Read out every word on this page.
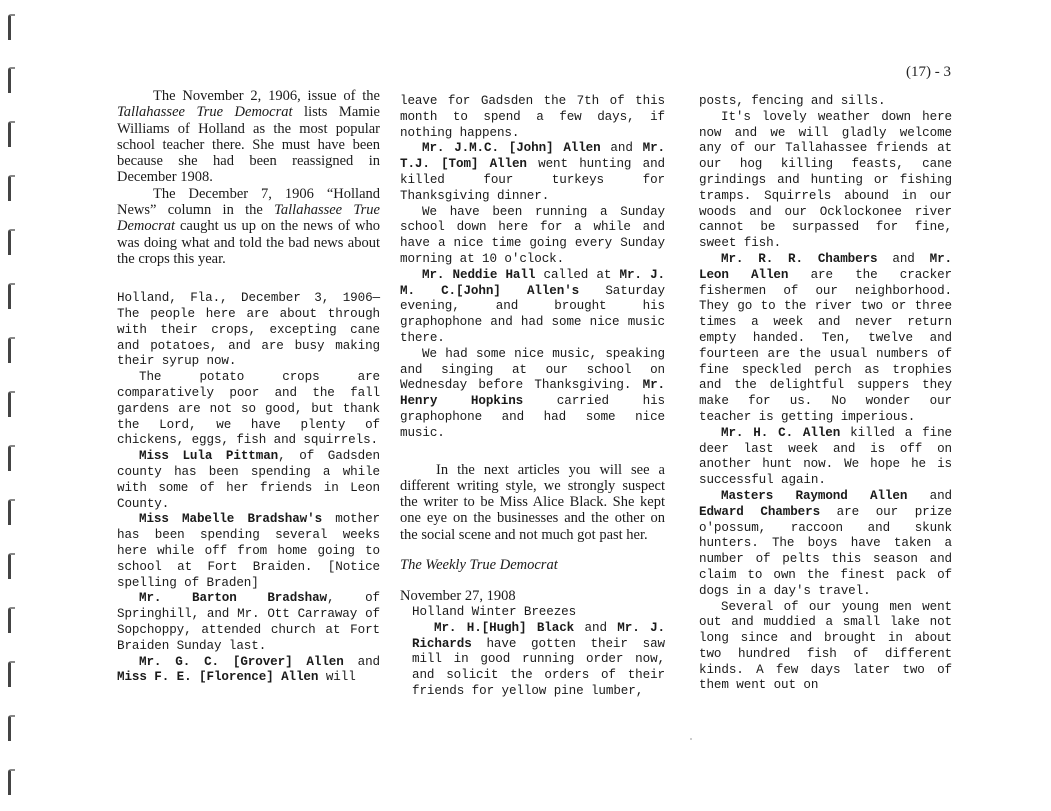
(17) - 3
The November 2, 1906, issue of the Tallahassee True Democrat lists Mamie Williams of Holland as the most popular school teacher there. She must have been because she had been reassigned in December 1908.
The December 7, 1906 “Holland News” column in the Tallahassee True Democrat caught us up on the news of who was doing what and told the bad news about the crops this year.

Holland, Fla., December 3, 1906— The people here are about through with their crops, excepting cane and potatoes, and are busy making their syrup now.

The potato crops are comparatively poor and the fall gardens are not so good, but thank the Lord, we have plenty of chickens, eggs, fish and squirrels.

Miss Lula Pittman, of Gadsden county has been spending a while with some of her friends in Leon County.

Miss Mabelle Bradshaw's mother has been spending several weeks here while off from home going to school at Fort Braiden. [Notice spelling of Braden]

Mr. Barton Bradshaw, of Springhill, and Mr. Ott Carraway of Sopchoppy, attended church at Fort Braiden Sunday last.

Mr. G. C. [Grover] Allen and Miss F. E. [Florence] Allen will

leave for Gadsden the 7th of this month to spend a few days, if nothing happens.

Mr. J.M.C. [John] Allen and Mr. T.J. [Tom] Allen went hunting and killed four turkeys for Thanksgiving dinner.

We have been running a Sunday school down here for a while and have a nice time going every Sunday morning at 10 o'clock.

Mr. Neddie Hall called at Mr. J. M. C.[John] Allen's Saturday evening, and brought his graphophone and had some nice music there.

We had some nice music, speaking and singing at our school on Wednesday before Thanksgiving. Mr. Henry Hopkins carried his graphophone and had some nice music.

In the next articles you will see a different writing style, we strongly suspect the writer to be Miss Alice Black. She kept one eye on the businesses and the other on the social scene and not much got past her.

The Weekly True Democrat

November 27, 1908

Holland Winter Breezes

Mr. H.[Hugh] Black and Mr. J. Richards have gotten their saw mill in good running order now, and solicit the orders of their friends for yellow pine lumber,

posts, fencing and sills.

It's lovely weather down here now and we will gladly welcome any of our Tallahassee friends at our hog killing feasts, cane grindings and hunting or fishing tramps. Squirrels abound in our woods and our Ocklockonee river cannot be surpassed for fine, sweet fish.

Mr. R. R. Chambers and Mr. Leon Allen are the cracker fishermen of our neighborhood. They go to the river two or three times a week and never return empty handed. Ten, twelve and fourteen are the usual numbers of fine speckled perch as trophies and the delightful suppers they make for us. No wonder our teacher is getting imperious.

Mr. H. C. Allen killed a fine deer last week and is off on another hunt now. We hope he is successful again.

Masters Raymond Allen and Edward Chambers are our prize o'possum, raccoon and skunk hunters. The boys have taken a number of pelts this season and claim to own the finest pack of dogs in a day's travel.

Several of our young men went out and muddied a small lake not long since and brought in about two hundred fish of different kinds. A few days later two of them went out on
